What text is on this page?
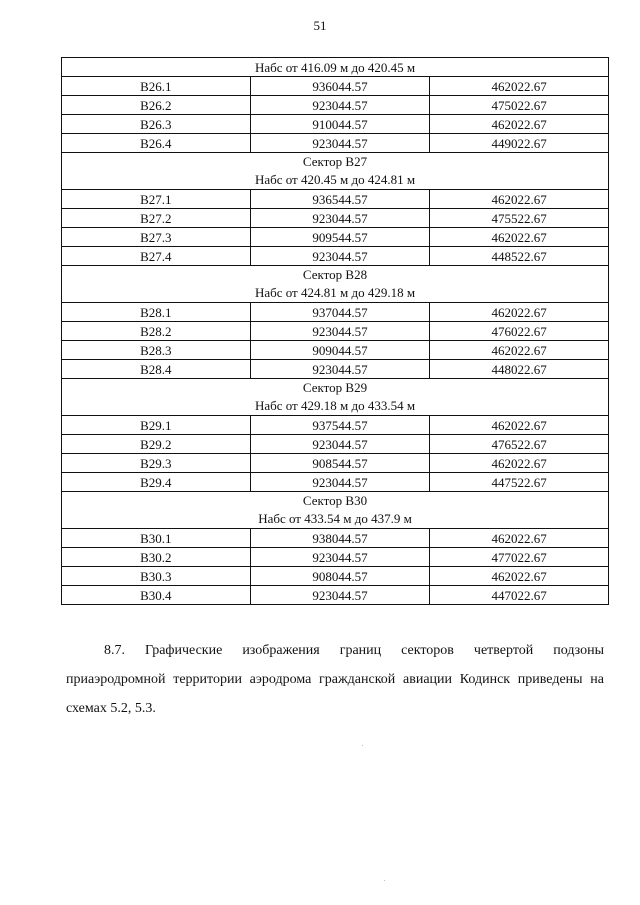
51
Набс от 416.09 м до 420.45 м		
В26.1	936044.57	462022.67
В26.2	923044.57	475022.67
В26.3	910044.57	462022.67
В26.4	923044.57	449022.67

Сектор В27
Набс от 420.45 м до 424.81 м		

В27.1	936544.57	462022.67
В27.2	923044.57	475522.67
В27.3	909544.57	462022.67
В27.4	923044.57	448522.67

Сектор В28
Набс от 424.81 м до 429.18 м		

В28.1	937044.57	462022.67
В28.2	923044.57	476022.67
В28.3	909044.57	462022.67
В28.4	923044.57	448022.67

Сектор В29
Набс от 429.18 м до 433.54 м		

В29.1	937544.57	462022.67
В29.2	923044.57	476522.67
В29.3	908544.57	462022.67
В29.4	923044.57	447522.67

Сектор В30
Набс от 433.54 м до 437.9 м		

В30.1	938044.57	462022.67
В30.2	923044.57	477022.67
В30.3	908044.57	462022.67
В30.4	923044.57	447022.67
8.7. Графические изображения границ секторов четвертой подзоны приаэродромной территории аэродрома гражданской авиации Кодинск приведены на схемах 5.2, 5.3.
